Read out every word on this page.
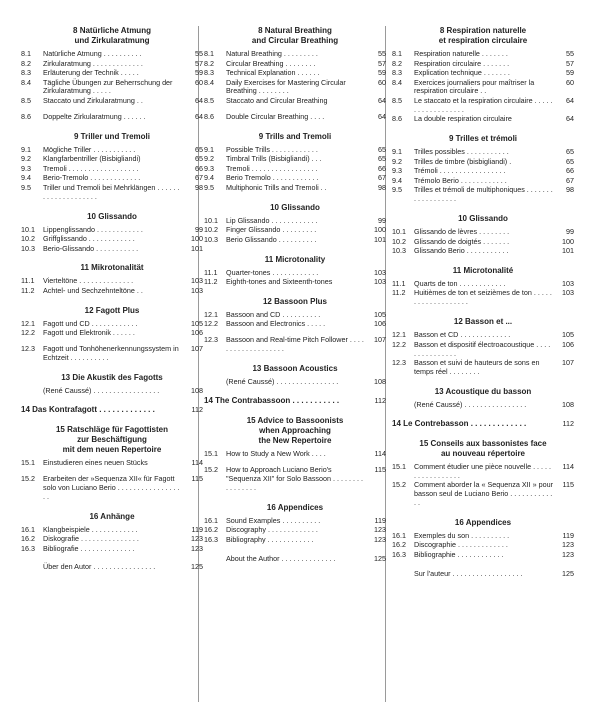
8 Natürliche Atmung
und Zirkularatmung
8.1	Natürliche Atmung . . . . . . . . . .	55
8.2	Zirkularatmung . . . . . . . . . . . . .	57
8.3	Erläuterung der Technik . . . . .	59
8.4	Tägliche Übungen zur Beherrschung der Zirkularatmung . . . . .
60
8.5	Staccato und Zirkularatmung . .	64
8.6	Doppelte Zirkularatmung . . . . . .	64
9 Triller und Tremoli
9.1	Mögliche Triller . . . . . . . . . . .	65
9.2	Klangfarbentriller (Bisbigliandi)	65
9.3	Tremoli . . . . . . . . . . . . . . . . . .	66
9.4	Berio-Tremolo . . . . . . . . . . . . .	67
9.5	Triller und Tremoli bei Mehrklängen . . . . . . . . . . . . . . . . . . . .
98
10 Glissando
10.1	Lippenglissando . . . . . . . . . . . .	99
10.2	Griffglissando . . . . . . . . . . . .	100
10.3	Berio-Glissando . . . . . . . . . . .	101
11 Mikrotonalität
11.1	Vierteltöne . . . . . . . . . . . . . .	103
11.2	Achtel- und Sechzehnteltöne . .	103
12 Fagott Plus
12.1	Fagott und CD . . . . . . . . . . . .	105
12.2	Fagott und Elektronik . . . . . .	106
12.3	Fagott und Tonhöhenerkennungssystem in Echtzeit . . . . . . . . . .
107
13 Die Akustik des Fagotts
(René Caussé) . . . . . . . . . . . . . . . . .	108
14 Das Kontrafagott . . . . . . . . . . . . .	112
15 Ratschläge für Fagottisten
zur Beschäftigung
mit dem neuen Repertoire
15.1	Einstudieren eines neuen Stücks	114
15.2	Erarbeiten der »Sequenza XII« für Fagott solo von Luciano Berio . . . . . . . . . . . . . . . . . .
115
16 Anhänge
16.1	Klangbeispiele . . . . . . . . . . . .	119
16.2	Diskografie . . . . . . . . . . . . . . .	123
16.3	Bibliografie . . . . . . . . . . . . . .	123
Über den Autor . . . . . . . . . . . . . . . .	125
8 Natural Breathing
and Circular Breathing
8.1	Natural Breathing . . . . . . . . .	55
8.2	Circular Breathing . . . . . . . .	57
8.3	Technical Explanation . . . . . .	59
8.4	Daily Exercises for Mastering Circular Breathing . . . . . . . .
60
8.5	Staccato and Circular Breathing	64
8.6	Double Circular Breathing . . . .	64
9 Trills and Tremoli
9.1	Possible Trills . . . . . . . . . . . .	65
9.2	Timbral Trills (Bisbigliandi) . . .	65
9.3	Tremoli . . . . . . . . . . . . . . . . .	66
9.4	Berio Tremolo . . . . . . . . . . . .	67
9.5	Multiphonic Trills and Tremoli . .	98
10 Glissando
10.1	Lip Glissando . . . . . . . . . . . .	99
10.2	Finger Glissando . . . . . . . . .	100
10.3	Berio Glissando . . . . . . . . . .	101
11 Microtonality
11.1	Quarter-tones . . . . . . . . . . . .	103
11.2	Eighth-tones and Sixteenth-tones	103
12 Bassoon Plus
12.1	Bassoon and CD . . . . . . . . . .	105
12.2	Bassoon and Electronics . . . . .	106
12.3	Bassoon and Real-time Pitch Follower . . . . . . . . . . . . . . . . . . .
107
13 Bassoon Acoustics
(René Caussé) . . . . . . . . . . . . . . . .	108
14 The Contrabassoon . . . . . . . . . . .	112
15 Advice to Bassoonists
when Approaching
the New Repertoire
15.1	How to Study a New Work . . . .	114
15.2	How to Approach Luciano Berio's "Sequenza XII" for Solo Bassoon . . . . . . . . . . . . . . . .
115
16 Appendices
16.1	Sound Examples . . . . . . . . . .	119
16.2	Discography . . . . . . . . . . . . .	123
16.3	Bibliography . . . . . . . . . . . .	123
About the Author . . . . . . . . . . . . . .	125
8 Respiration naturelle
et respiration circulaire
8.1	Respiration naturelle . . . . . . .	55
8.2	Respiration circulaire . . . . . . .	57
8.3	Explication technique . . . . . . .	59
8.4	Exercices journaliers pour maîtriser la respiration circulaire . .
60
8.5	Le staccato et la respiration circulaire . . . . . . . . . . . . . . . . . .
64
8.6	La double respiration circulaire	64
9 Trilles et trémoli
9.1	Trilles possibles . . . . . . . . . . .	65
9.2	Trilles de timbre (bisbigliandi) .	65
9.3	Trémoli . . . . . . . . . . . . . . . . .	66
9.4	Trémolo Berio . . . . . . . . . . . .	67
9.5	Trilles et trémoli de multiphoniques . . . . . . . . . . . . . . . . . .
98
10 Glissando
10.1	Glissando de lèvres . . . . . . . .	99
10.2	Glissando de doigtés . . . . . . .	100
10.3	Glissando Berio . . . . . . . . . . .	101
11 Microtonalité
11.1	Quarts de ton . . . . . . . . . . . .	103
11.2	Huitièmes de ton et seizièmes de ton . . . . . . . . . . . . . . . . . . .
103
12 Basson et ...
12.1	Basson et CD . . . . . . . . . . . . .	105
12.2	Basson et dispositif électroacoustique . . . . . . . . . . . . . . .
106
12.3	Basson et suivi de hauteurs de sons en temps réel . . . . . . . .
107
13 Acoustique du basson
(René Caussé) . . . . . . . . . . . . . . . .	108
14 Le Contrebasson . . . . . . . . . . . . .	112
15 Conseils aux bassonistes face
au nouveau répertoire
15.1	Comment étudier une pièce nouvelle . . . . . . . . . . . . . . . . .
114
15.2	Comment aborder la « Sequenza XII » pour basson seul de Luciano Berio . . . . . . . . . . . . .
115
16 Appendices
16.1	Exemples du son . . . . . . . . . .	119
16.2	Discographie . . . . . . . . . . . . .	123
16.3	Bibliographie . . . . . . . . . . . .	123
Sur l'auteur . . . . . . . . . . . . . . . . . .	125
